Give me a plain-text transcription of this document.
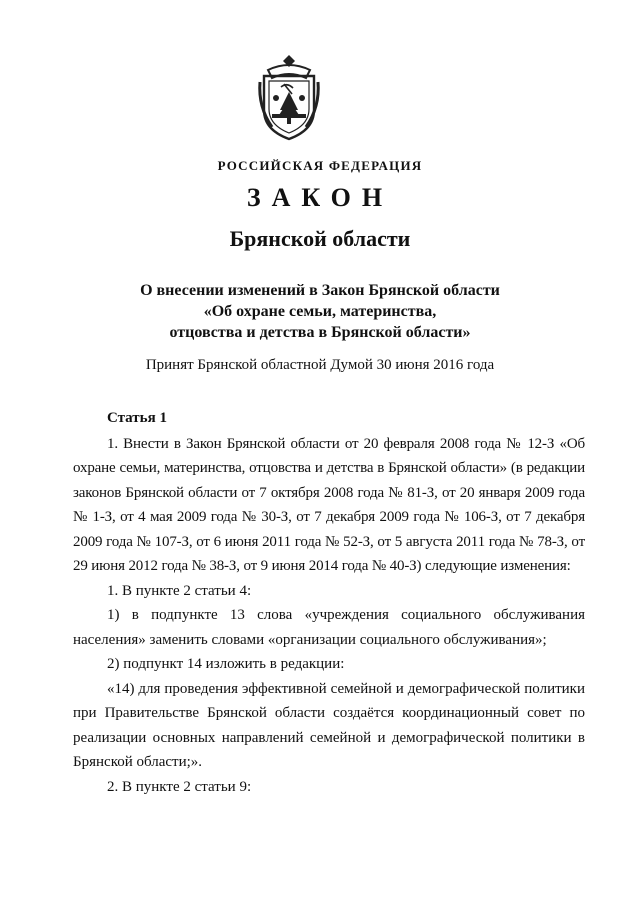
РОССИЙСКАЯ ФЕДЕРАЦИЯ
ЗАКОН
Брянской области
О внесении изменений в Закон Брянской области
«Об охране семьи, материнства,
отцовства и детства в Брянской области»
Принят Брянской областной Думой 30 июня 2016 года

Статья 1

1. Внести в Закон Брянской области от 20 февраля 2008 года № 12-З «Об охране семьи, материнства, отцовства и детства в Брянской области» (в редакции законов Брянской области от 7 октября 2008 года № 81-З, от 20 января 2009 года № 1-З, от 4 мая 2009 года № 30-З, от 7 декабря 2009 года № 106-З, от 7 декабря 2009 года № 107-З, от 6 июня 2011 года № 52-З, от 5 августа 2011 года № 78-З, от 29 июня 2012 года № 38-З, от 9 июня 2014 года № 40-З) следующие изменения:

1. В пункте 2 статьи 4:

1) в подпункте 13 слова «учреждения социального обслуживания населения» заменить словами «организации социального обслуживания»;

2) подпункт 14 изложить в редакции:

«14) для проведения эффективной семейной и демографической политики при Правительстве Брянской области создаётся координационный совет по реализации основных направлений семейной и демографической политики в Брянской области;».

2. В пункте 2 статьи 9:
